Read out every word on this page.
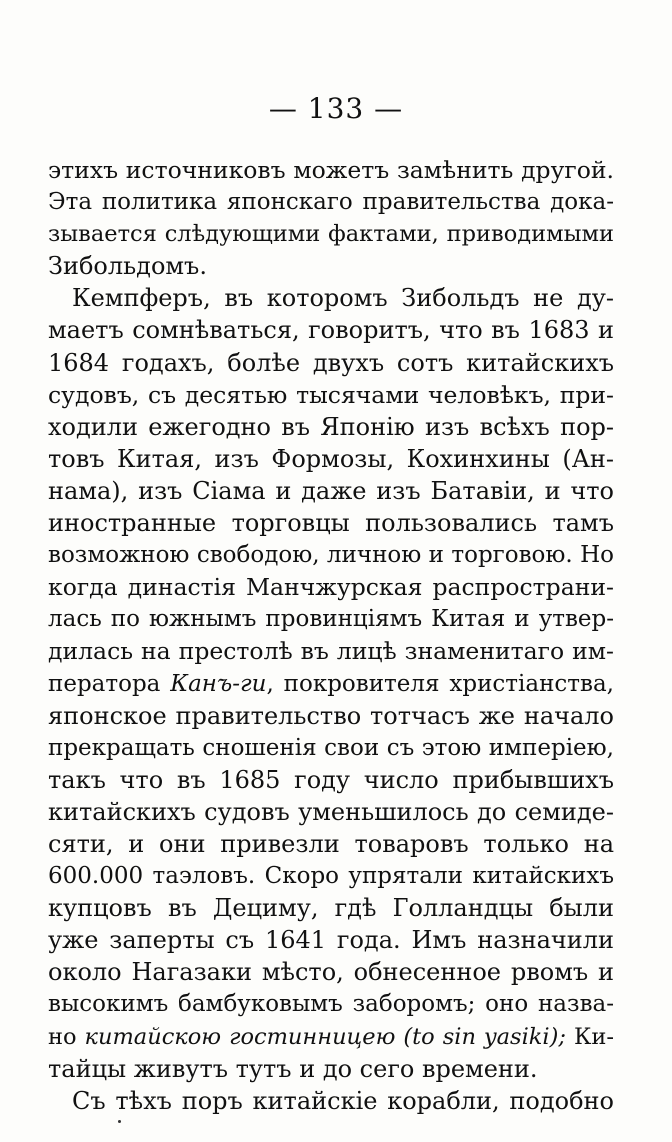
— 133 —
этихъ источниковъ можетъ замѣнить другой.
Эта политика японскаго правительства дока-
зывается слѣдующими фактами, приводимыми
Зибольдомъ.
Кемпферъ, въ которомъ Зибольдъ не ду-
маетъ сомнѣваться, говоритъ, что въ 1683 и
1684 годахъ, болѣе двухъ сотъ китайскихъ
судовъ, съ десятью тысячами человѣкъ, при-
ходили ежегодно въ Японію изъ всѣхъ пор-
товъ Китая, изъ Формозы, Кохинхины (Ан-
нама), изъ Сіама и даже изъ Батавіи, и что
иностранные торговцы пользовались тамъ
возможною свободою, личною и торговою. Но
когда династія Манчжурская распространи-
лась по южнымъ провинціямъ Китая и утвер-
дилась на престолѣ въ лицѣ знаменитаго им-
ператора Канъ-ги, покровителя христіанства,
японское правительство тотчасъ же начало
прекращать сношенія свои съ этою имперіею,
такъ что въ 1685 году число прибывшихъ
китайскихъ судовъ уменьшилось до семиде-
сяти, и они привезли товаровъ только на
600.000 таэловъ. Скоро упрятали китайскихъ
купцовъ въ Дециму, гдѣ Голландцы были
уже заперты съ 1641 года. Имъ назначили
около Нагазаки мѣсто, обнесенное рвомъ и
высокимъ бамбуковымъ заборомъ; оно назва-
но китайскою гостинницею (to sin yasiki); Ки-
тайцы живутъ тутъ и до сего времени.
Съ тѣхъ поръ китайскіе корабли, подобно
